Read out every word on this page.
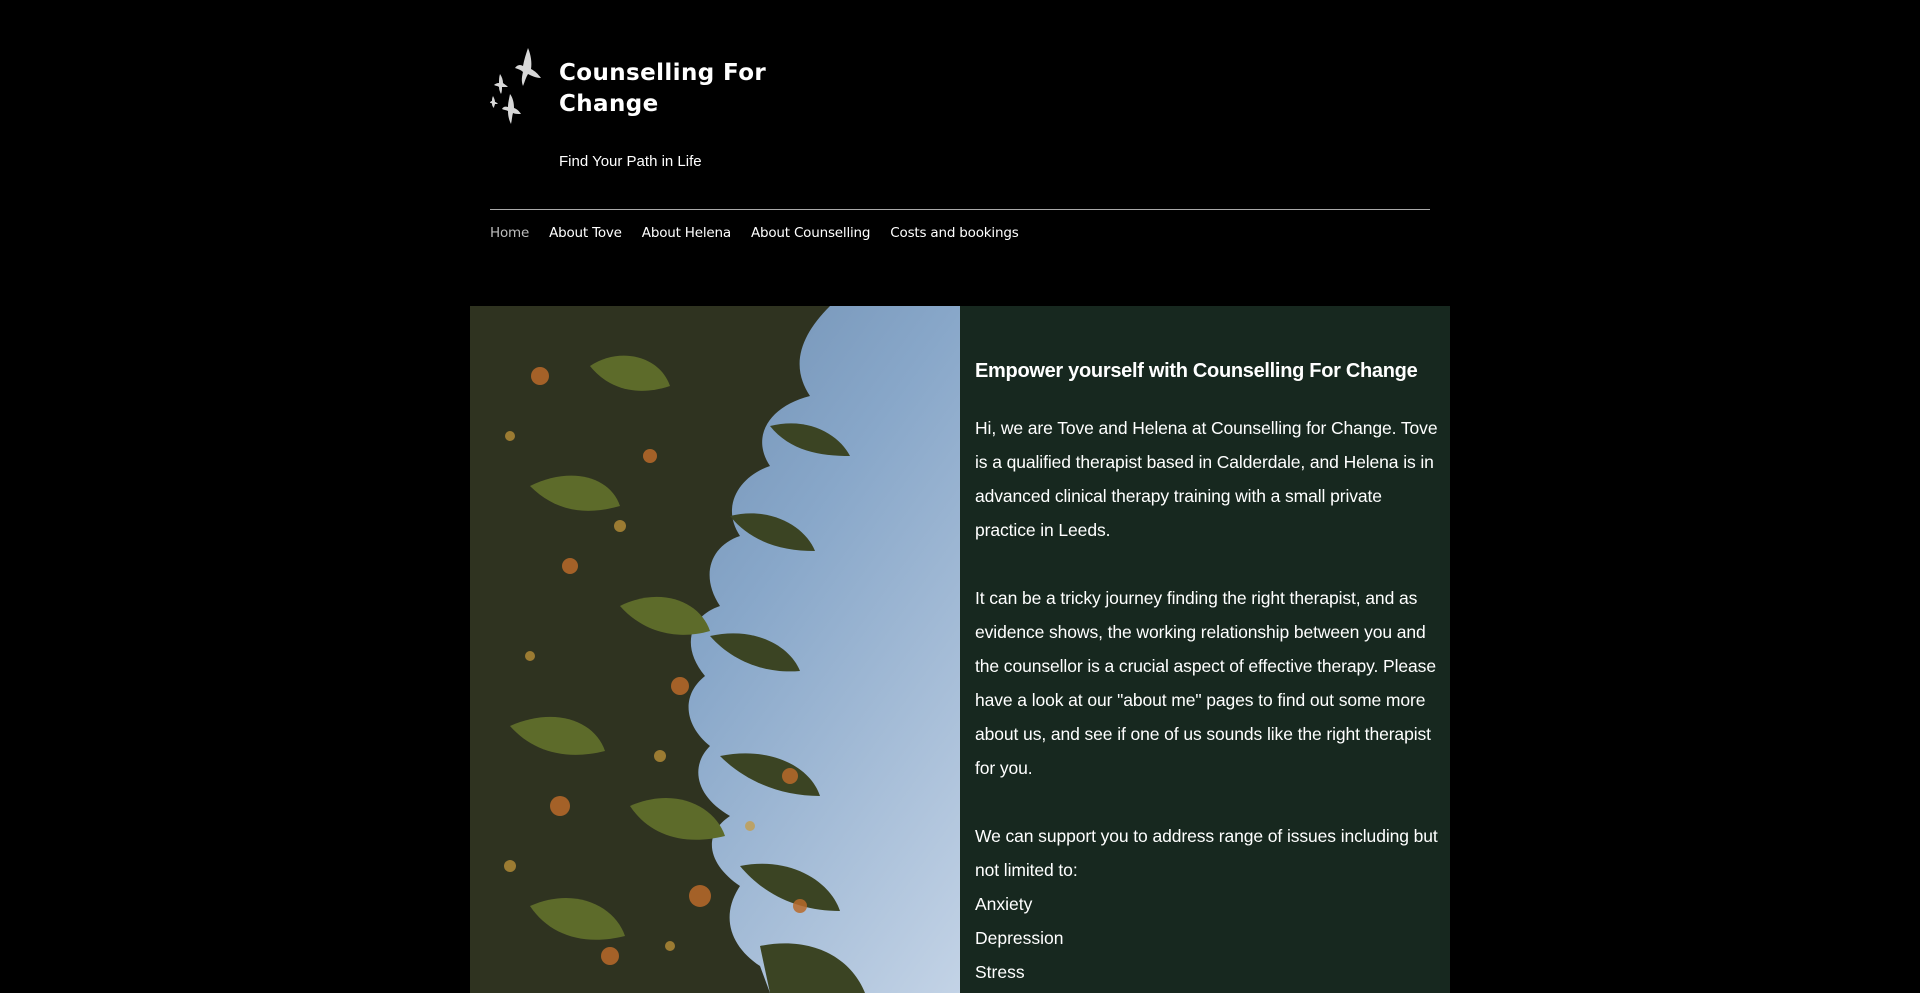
Counselling For Change
Find Your Path in Life
Home About Tove About Helena About Counselling Costs and bookings
Empower yourself with Counselling For Change

Hi, we are Tove and Helena at Counselling for Change. Tove is a qualified therapist based in Calderdale, and Helena is in advanced clinical therapy training with a small private practice in Leeds.

It can be a tricky journey finding the right therapist, and as evidence shows, the working relationship between you and the counsellor is a crucial aspect of effective therapy. Please have a look at our "about me" pages to find out some more about us, and see if one of us sounds like the right therapist for you.

We can support you to address range of issues including but not limited to:

Anxiety
Depression
Stress
